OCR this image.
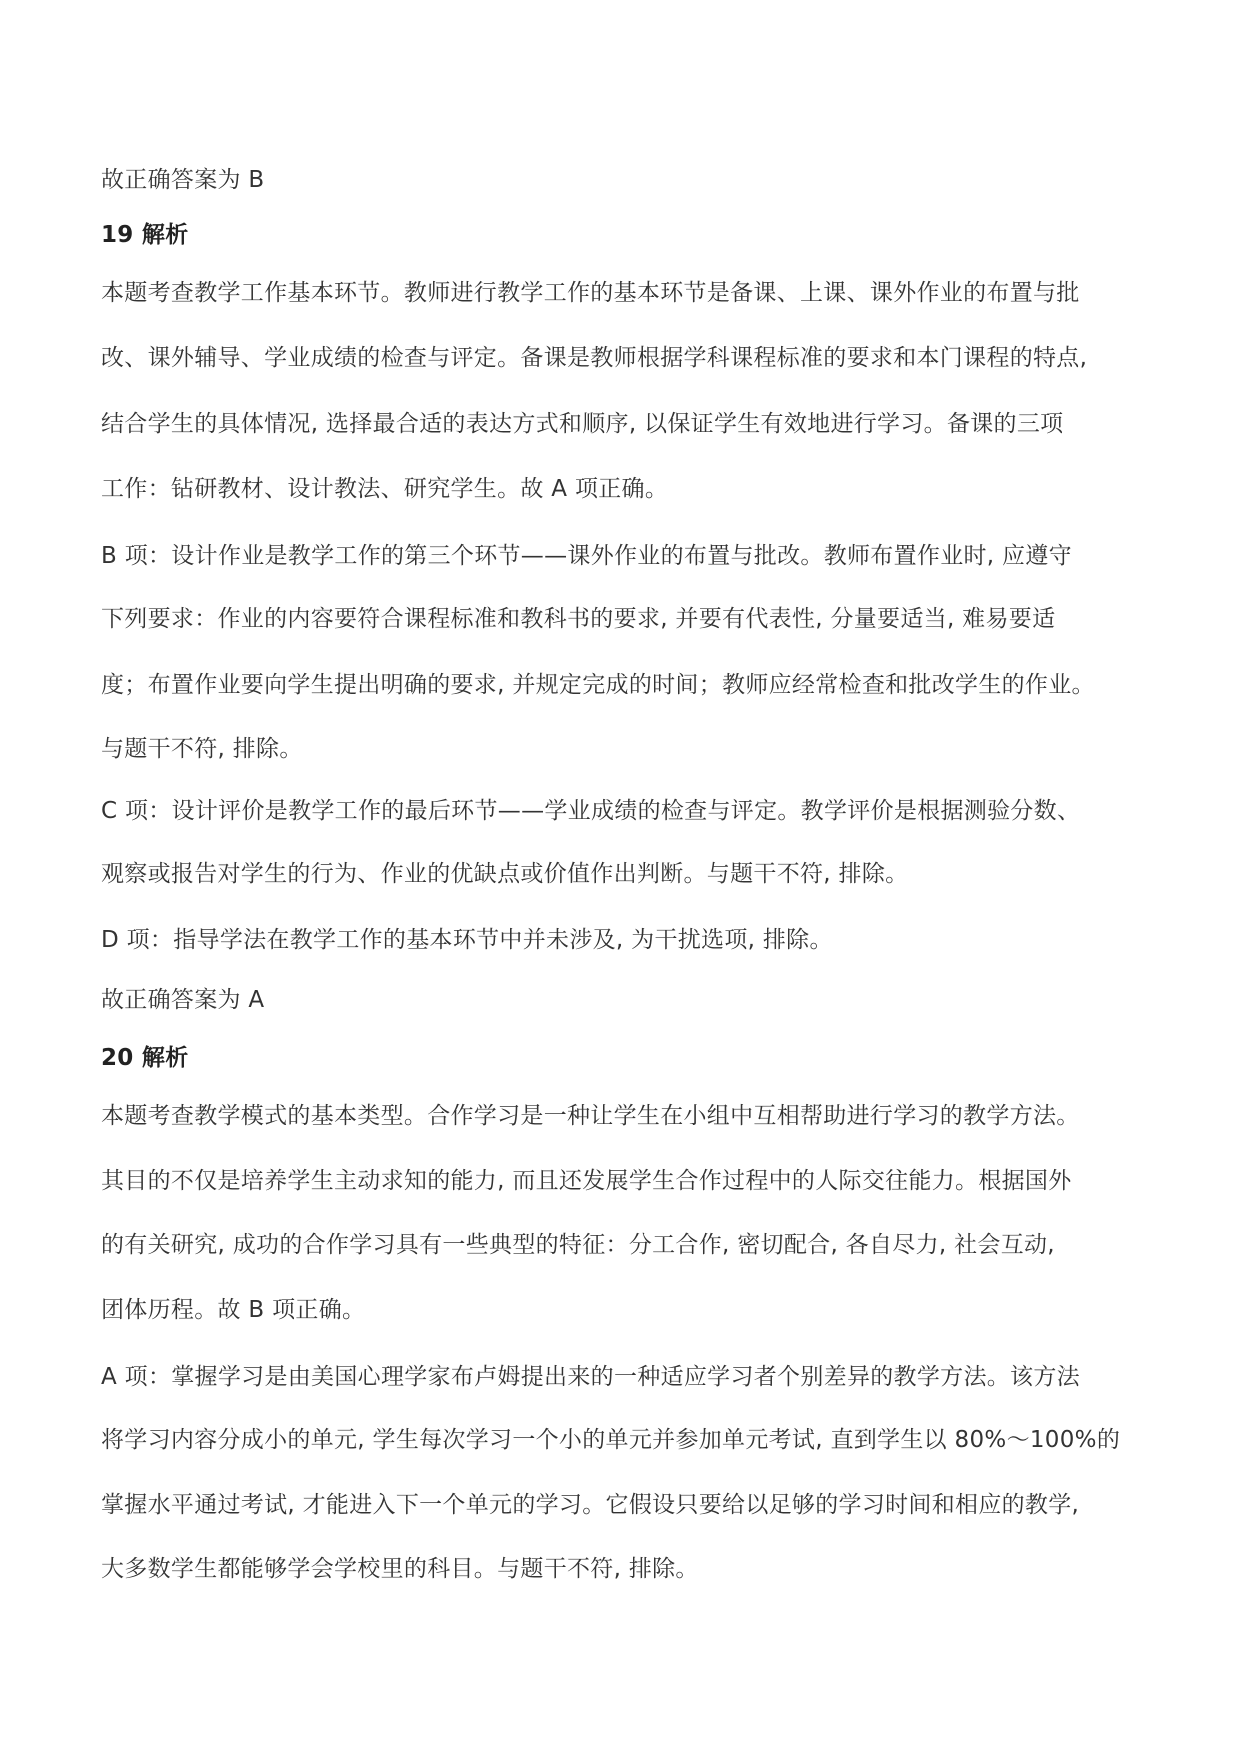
故正确答案为 B
19 解析
本题考查教学工作基本环节。教师进行教学工作的基本环节是备课、上课、课外作业的布置与批
改、课外辅导、学业成绩的检查与评定。备课是教师根据学科课程标准的要求和本门课程的特点,
结合学生的具体情况, 选择最合适的表达方式和顺序, 以保证学生有效地进行学习。备课的三项
工作：钻研教材、设计教法、研究学生。故 A 项正确。
B 项：设计作业是教学工作的第三个环节——课外作业的布置与批改。教师布置作业时, 应遵守
下列要求：作业的内容要符合课程标准和教科书的要求, 并要有代表性, 分量要适当, 难易要适
度；布置作业要向学生提出明确的要求, 并规定完成的时间；教师应经常检查和批改学生的作业。
与题干不符, 排除。
C 项：设计评价是教学工作的最后环节——学业成绩的检查与评定。教学评价是根据测验分数、
观察或报告对学生的行为、作业的优缺点或价值作出判断。与题干不符, 排除。
D 项：指导学法在教学工作的基本环节中并未涉及, 为干扰选项, 排除。
故正确答案为 A
20 解析
本题考查教学模式的基本类型。合作学习是一种让学生在小组中互相帮助进行学习的教学方法。
其目的不仅是培养学生主动求知的能力, 而且还发展学生合作过程中的人际交往能力。根据国外
的有关研究, 成功的合作学习具有一些典型的特征：分工合作, 密切配合, 各自尽力, 社会互动,
团体历程。故 B 项正确。
A 项：掌握学习是由美国心理学家布卢姆提出来的一种适应学习者个别差异的教学方法。该方法
将学习内容分成小的单元, 学生每次学习一个小的单元并参加单元考试, 直到学生以 80%～100%的
掌握水平通过考试, 才能进入下一个单元的学习。它假设只要给以足够的学习时间和相应的教学,
大多数学生都能够学会学校里的科目。与题干不符, 排除。
